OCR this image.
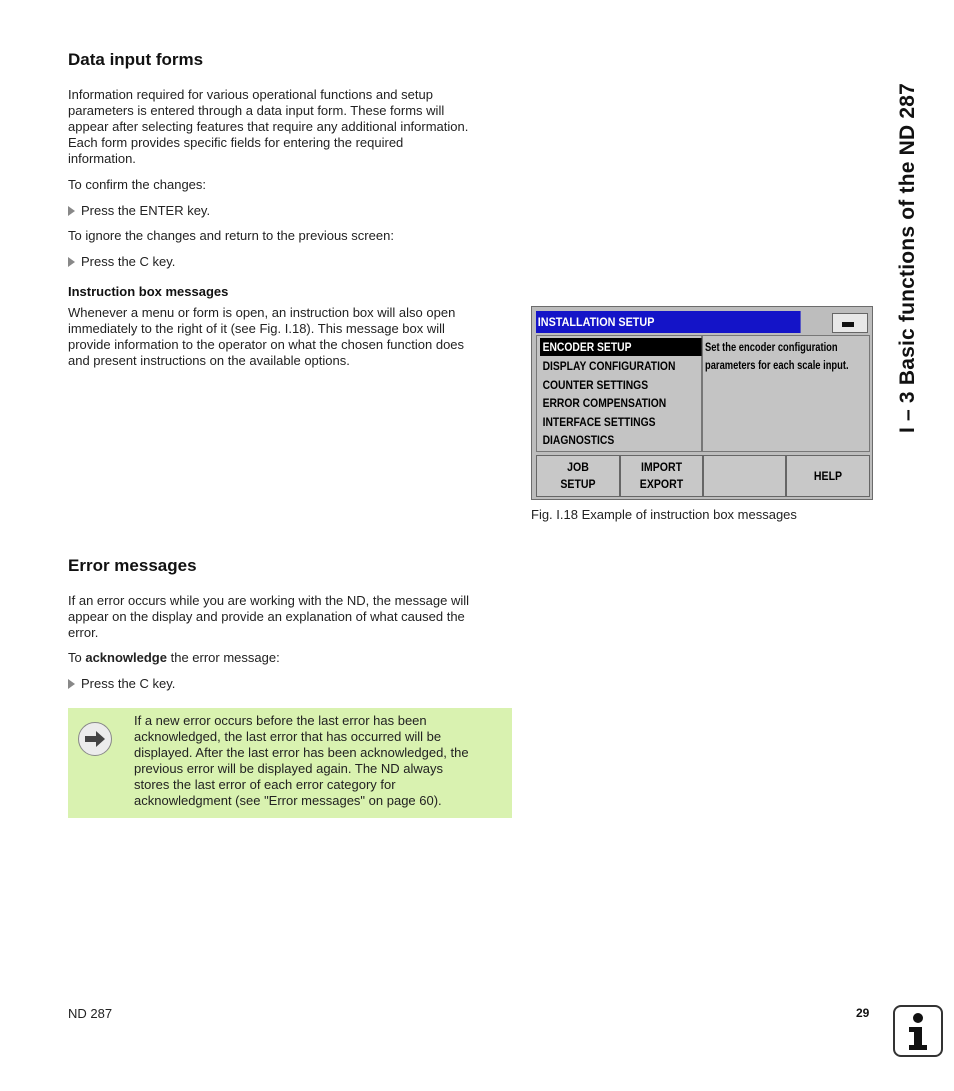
Data input forms
Information required for various operational functions and setup
parameters is entered through a data input form. These forms will
appear after selecting features that require any additional information.
Each form provides specific fields for entering the required
information.
To confirm the changes:
Press the ENTER key.
To ignore the changes and return to the previous screen:
Press the C key.
Instruction box messages
Whenever a menu or form is open, an instruction box will also open
immediately to the right of it (see Fig. I.18). This message box will
provide information to the operator on what the chosen function does
and present instructions on the available options.
INSTALLATION SETUP
ENCODER SETUP
DISPLAY CONFIGURATION
COUNTER SETTINGS
ERROR COMPENSATION
INTERFACE SETTINGS
DIAGNOSTICS
Set the encoder configuration
parameters for each scale input.
JOB
SETUP
IMPORT
EXPORT
HELP
Fig. I.18 Example of instruction box messages
Error messages
If an error occurs while you are working with the ND, the message will
appear on the display and provide an explanation of what caused the
error.
To acknowledge the error message:
Press the C key.
If a new error occurs before the last error has been
acknowledged, the last error that has occurred will be
displayed. After the last error has been acknowledged, the
previous error will be displayed again. The ND always
stores the last error of each error category for
acknowledgment (see "Error messages" on page 60).
I – 3 Basic functions of the ND 287
ND 287	29
